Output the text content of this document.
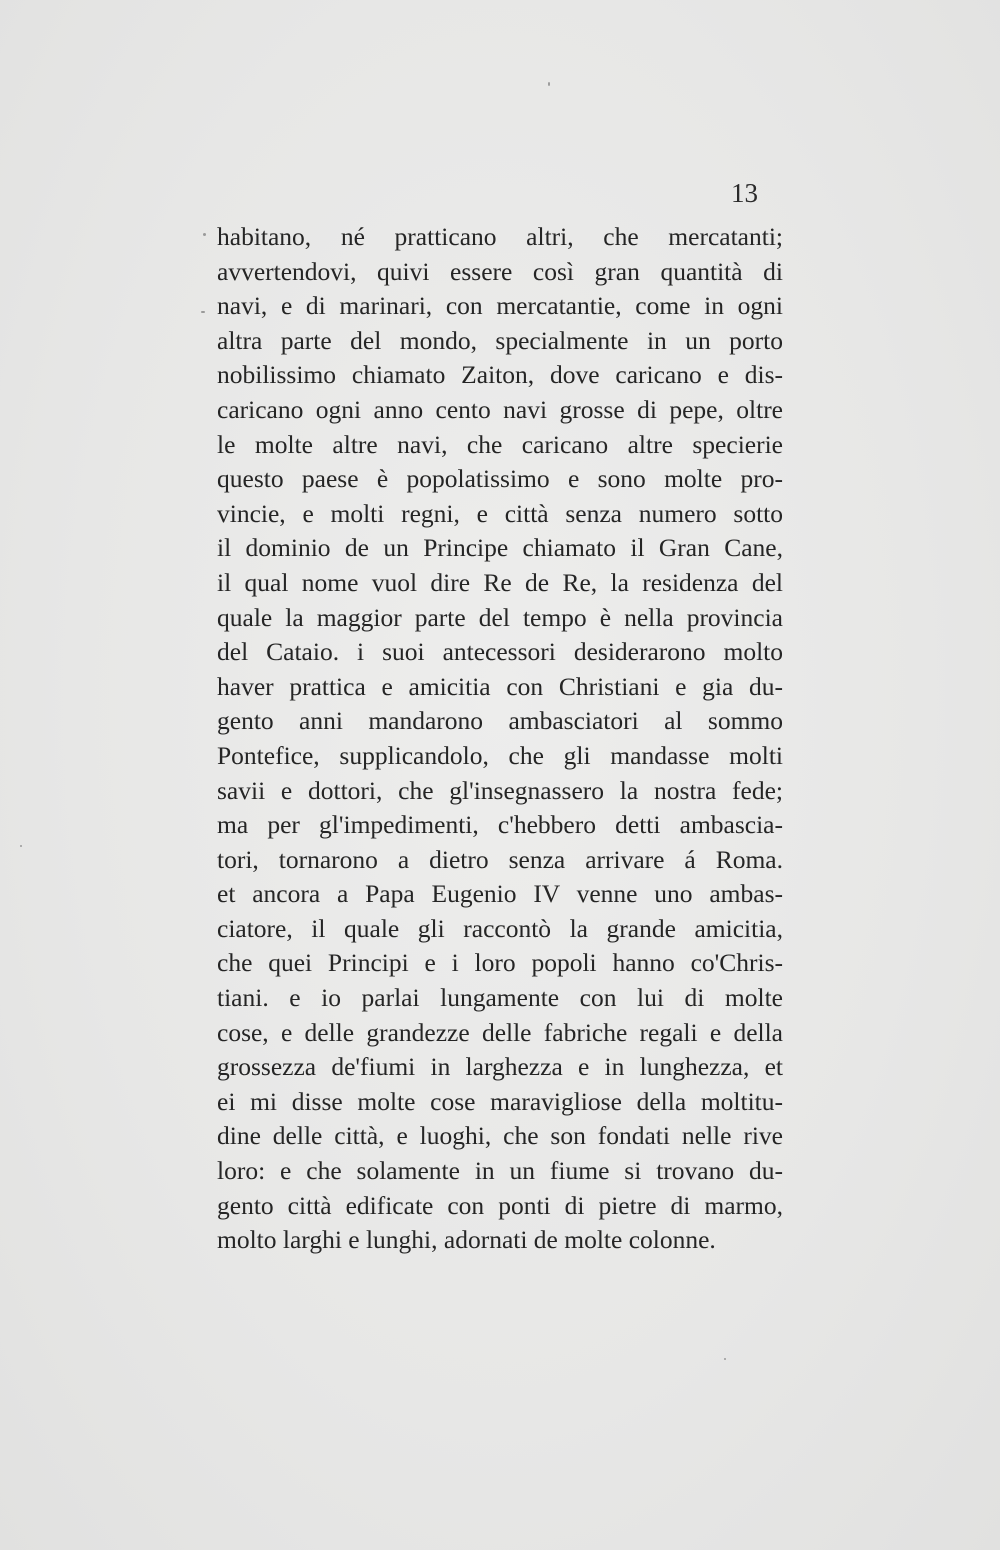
13
habitano, né pratticano altri, che mercatanti;
avvertendovi, quivi essere così gran quantità di
navi, e di marinari, con mercatantie, come in ogni
altra parte del mondo, specialmente in un porto
nobilissimo chiamato Zaiton, dove caricano e dis-
caricano ogni anno cento navi grosse di pepe, oltre
le molte altre navi, che caricano altre specierie
questo paese è popolatissimo e sono molte pro-
vincie, e molti regni, e città senza numero sotto
il dominio de un Principe chiamato il Gran Cane,
il qual nome vuol dire Re de Re, la residenza del
quale la maggior parte del tempo è nella provincia
del Cataio. i suoi antecessori desiderarono molto
haver prattica e amicitia con Christiani e gia du-
gento anni mandarono ambasciatori al sommo
Pontefice, supplicandolo, che gli mandasse molti
savii e dottori, che gl'insegnassero la nostra fede;
ma per gl'impedimenti, c'hebbero detti ambascia-
tori, tornarono a dietro senza arrivare á Roma.
et ancora a Papa Eugenio IV venne uno ambas-
ciatore, il quale gli raccontò la grande amicitia,
che quei Principi e i loro popoli hanno co'Chris-
tiani. e io parlai lungamente con lui di molte
cose, e delle grandezze delle fabriche regali e della
grossezza de'fiumi in larghezza e in lunghezza, et
ei mi disse molte cose maravigliose della moltitu-
dine delle città, e luoghi, che son fondati nelle rive
loro: e che solamente in un fiume si trovano du-
gento città edificate con ponti di pietre di marmo,
molto larghi e lunghi, adornati de molte colonne.
